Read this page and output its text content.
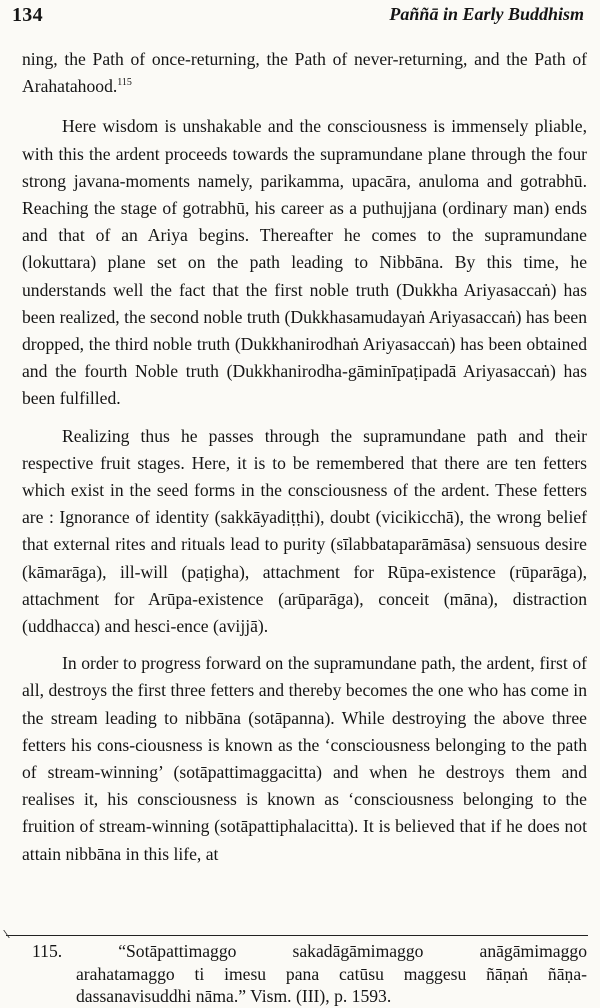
134	Paññā in Early Buddhism

ning, the Path of once-returning, the Path of never-returning, and the Path of Arahatahood.$^{115}$

Here wisdom is unshakable and the consciousness is immensely pliable, with this the ardent proceeds towards the supramundane plane through the four strong javana-moments namely, parikamma, upacāra, anuloma and gotrabhū. Reaching the stage of gotrabhū, his career as a puthujjana (ordinary man) ends and that of an Ariya begins. Thereafter he comes to the supramundane (lokuttara) plane set on the path leading to Nibbāna. By this time, he understands well the fact that the first noble truth (Dukkha Ariyasaccaṅ) has been realized, the second noble truth (Dukkhasamudayaṅ Ariyasaccaṅ) has been dropped, the third noble truth (Dukkhanirodhaṅ Ariyasaccaṅ) has been obtained and the fourth Noble truth (Dukkhanirodha-gāminīpaṭipadā Ariyasaccaṅ) has been fulfilled.

Realizing thus he passes through the supramundane path and their respective fruit stages. Here, it is to be remembered that there are ten fetters which exist in the seed forms in the consciousness of the ardent. These fetters are : Ignorance of identity (sakkāyadiṭṭhi), doubt (vicikicchā), the wrong belief that external rites and rituals lead to purity (sīlabbataparāmāsa) sensuous desire (kāmarāga), ill-will (paṭigha), attachment for Rūpa-existence (rūparāga), attachment for Arūpa-existence (arūparāga), conceit (māna), distraction (uddhacca) and hesci-ence (avijjā).

In order to progress forward on the supramundane path, the ardent, first of all, destroys the first three fetters and thereby becomes the one who has come in the stream leading to nibbāna (sotāpanna). While destroying the above three fetters his cons-ciousness is known as the ‘consciousness belonging to the path of stream-winning’ (sotāpattimaggacitta) and when he destroys them and realises it, his consciousness is known as ‘consciousness belonging to the fruition of stream-winning (sotāpattiphalacitta). It is believed that if he does not attain nibbāna in this life, at

115. “Sotāpattimaggo sakadāgāmimaggo anāgāmimaggo
arahatamaggo ti imesu pana catūsu maggesu ñāṇaṅ ñāṇa-
dassanavisuddhi nāma.” Vism. (III), p. 1593.
